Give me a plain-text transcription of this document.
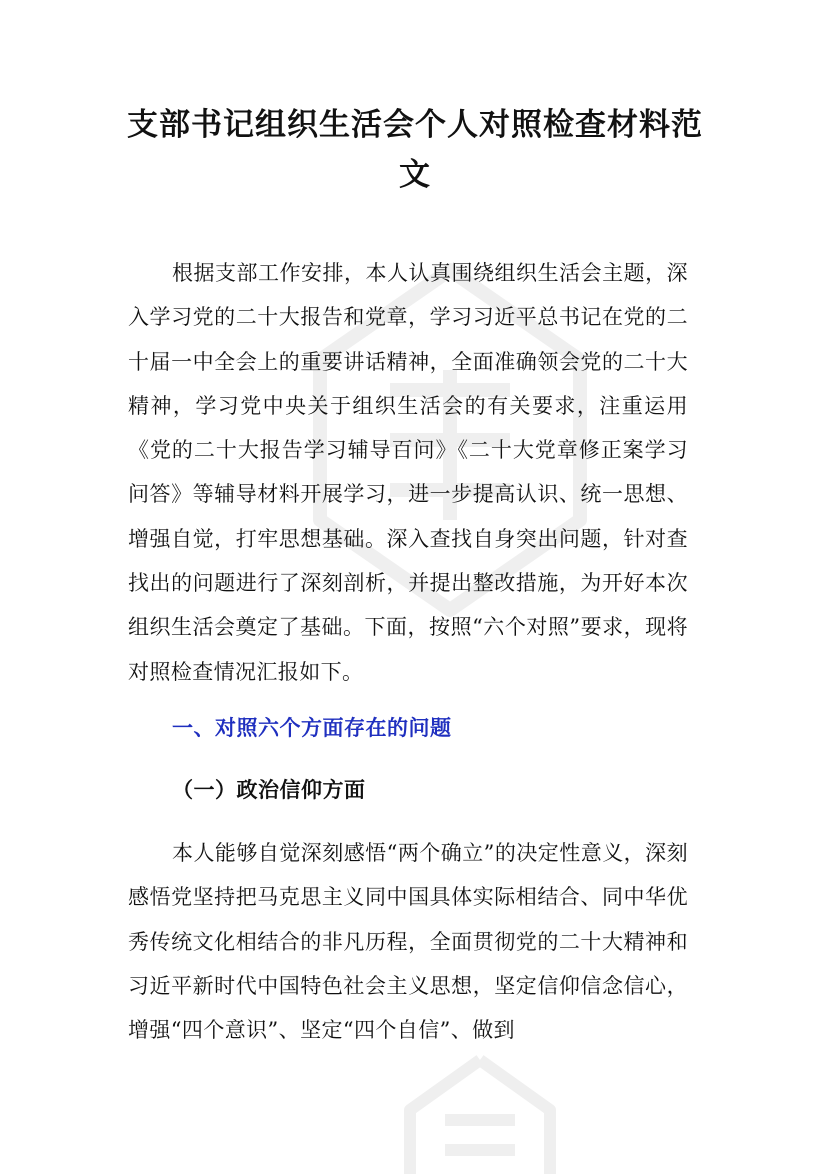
支部书记组织生活会个人对照检查材料范文

根据支部工作安排，本人认真围绕组织生活会主题，深入学习党的二十大报告和党章，学习习近平总书记在党的二十届一中全会上的重要讲话精神，全面准确领会党的二十大精神，学习党中央关于组织生活会的有关要求，注重运用《党的二十大报告学习辅导百问》《二十大党章修正案学习问答》等辅导材料开展学习，进一步提高认识、统一思想、增强自觉，打牢思想基础。深入查找自身突出问题，针对查找出的问题进行了深刻剖析，并提出整改措施，为开好本次组织生活会奠定了基础。下面，按照“六个对照”要求，现将对照检查情况汇报如下。

一、对照六个方面存在的问题
（一）政治信仰方面

本人能够自觉深刻感悟“两个确立”的决定性意义，深刻感悟党坚持把马克思主义同中国具体实际相结合、同中华优秀传统文化相结合的非凡历程，全面贯彻党的二十大精神和习近平新时代中国特色社会主义思想，坚定信仰信念信心，增强“四个意识”、坚定“四个自信”、做到
